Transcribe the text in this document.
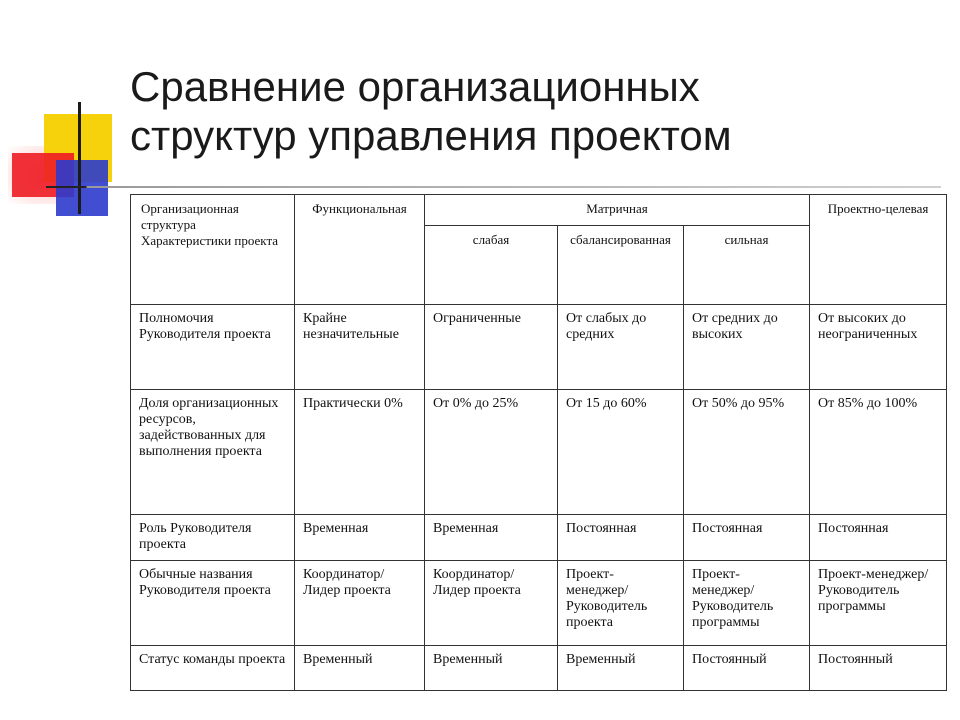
Сравнение организационных
структур управления проектом
Организационная структура Характеристики проекта	Функциональная	Матричная			Проектно-целевая
		слабая	сбалансированная	сильная	
Полномочия Руководителя проекта	Крайне незначительные	Ограниченные	От слабых до средних	От средних до высоких	От высоких до неограниченных
Доля организационных ресурсов, задействованных для выполнения проекта	Практически 0%	От 0% до 25%	От 15 до 60%	От 50% до 95%	От 85% до 100%
Роль Руководителя проекта	Временная	Временная	Постоянная	Постоянная	Постоянная
Обычные названия Руководителя проекта	Координатор/ Лидер проекта	Координатор/ Лидер проекта	Проект-менеджер/ Руководитель проекта	Проект-менеджер/ Руководитель программы	Проект-менеджер/ Руководитель программы
Статус команды проекта	Временный	Временный	Временный	Постоянный	Постоянный
